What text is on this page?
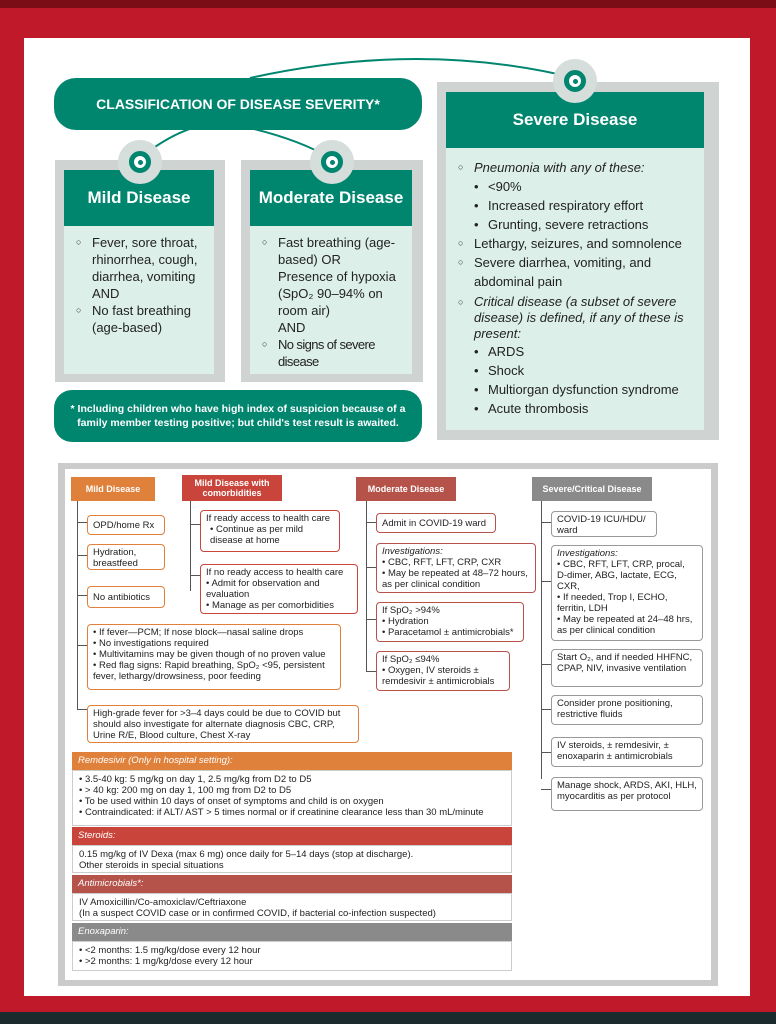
CLASSIFICATION OF DISEASE SEVERITY*
Mild Disease
○ Fever, sore throat, rhinorrhea, cough, diarrhea, vomiting
AND
○ No fast breathing (age-based)
Moderate Disease
○ Fast breathing (age-based) OR
Presence of hypoxia (SpO₂ 90–94% on room air)
AND
○ No signs of severe disease
Severe Disease
○ Pneumonia with any of these:
• <90%
• Increased respiratory effort
• Grunting, severe retractions
○ Lethargy, seizures, and somnolence
○ Severe diarrhea, vomiting, and abdominal pain
○ Critical disease (a subset of severe disease) is defined, if any of these is present:
• ARDS
• Shock
• Multiorgan dysfunction syndrome
• Acute thrombosis
* Including children who have high index of suspicion because of a family member testing positive; but child's test result is awaited.
Mild Disease
Mild Disease with comorbidities	Moderate Disease	Severe/Critical Disease
OPD/home Rx
Hydration, breastfeed
No antibiotics
• If fever—PCM; If nose block—nasal saline drops
• No investigations required
• Multivitamins may be given though of no proven value
• Red flag signs: Rapid breathing, SpO₂ <95, persistent fever, lethargy/drowsiness, poor feeding
High-grade fever for >3–4 days could be due to COVID but should also investigate for alternate diagnosis CBC, CRP, Urine R/E, Blood culture, Chest X-ray
If ready access to health care
• Continue as per mild disease at home
If no ready access to health care
• Admit for observation and evaluation
• Manage as per comorbidities
Admit in COVID-19 ward
Investigations:
• CBC, RFT, LFT, CRP, CXR
• May be repeated at 48–72 hours, as per clinical condition
If SpO₂ >94%
• Hydration
• Paracetamol ± antimicrobials*
If SpO₂ ≤94%
• Oxygen, IV steroids ± remdesivir ± antimicrobials
COVID-19 ICU/HDU/ ward
Investigations:
• CBC, RFT, LFT, CRP, procal, D-dimer, ABG, lactate, ECG, CXR,
• If needed, Trop I, ECHO, ferritin, LDH
• May be repeated at 24–48 hrs, as per clinical condition
Start O₂, and if needed HHFNC, CPAP, NIV, invasive ventilation
Consider prone positioning, restrictive fluids
IV steroids, ± remdesivir, ± enoxaparin ± antimicrobials
Manage shock, ARDS, AKI, HLH, myocarditis as per protocol
Remdesivir (Only in hospital setting):
• 3.5-40 kg: 5 mg/kg on day 1, 2.5 mg/kg from D2 to D5
• > 40 kg: 200 mg on day 1, 100 mg from D2 to D5
• To be used within 10 days of onset of symptoms and child is on oxygen
• Contraindicated: if ALT/ AST > 5 times normal or if creatinine clearance less than 30 mL/minute
Steroids:
0.15 mg/kg of IV Dexa (max 6 mg) once daily for 5–14 days (stop at discharge).
Other steroids in special situations
Antimicrobials*:
IV Amoxicillin/Co-amoxiclav/Ceftriaxone
(In a suspect COVID case or in confirmed COVID, if bacterial co-infection suspected)
Enoxaparin:
• <2 months: 1.5 mg/kg/dose every 12 hour
• >2 months: 1 mg/kg/dose every 12 hour
